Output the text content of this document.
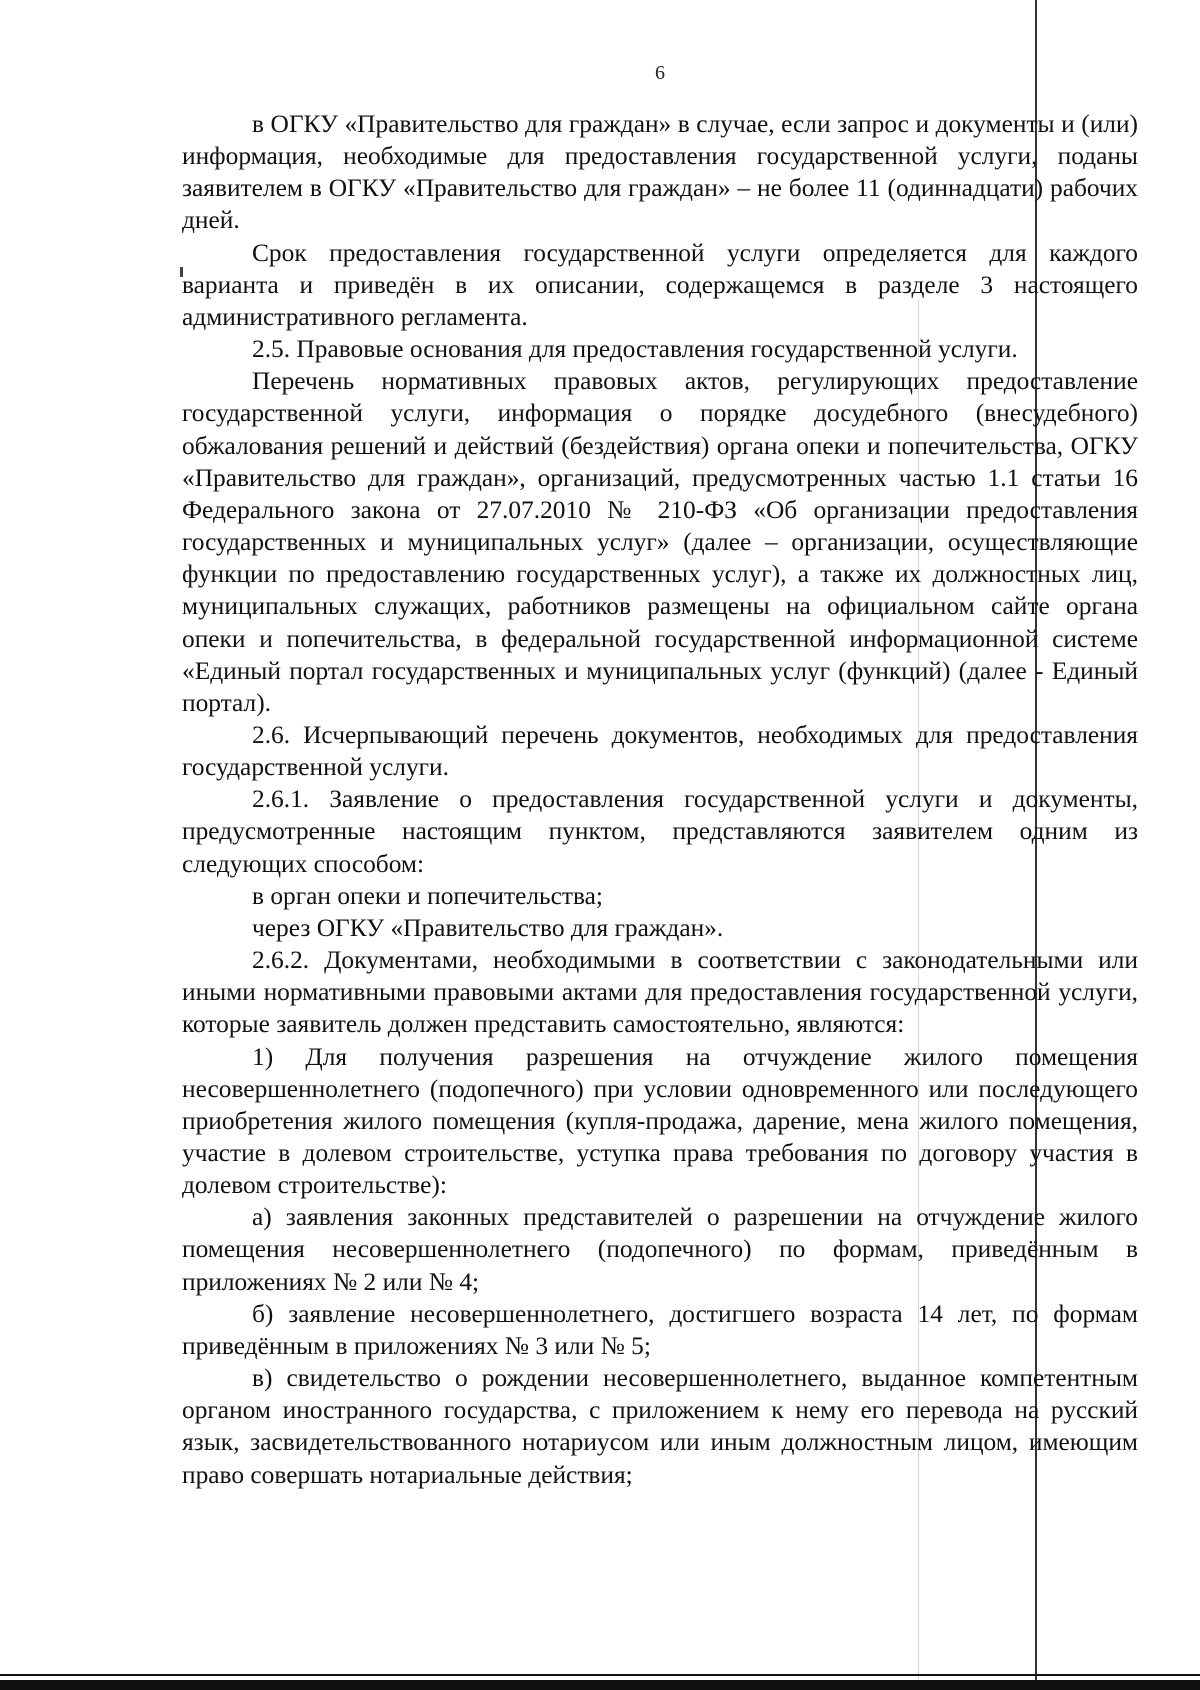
6

в ОГКУ «Правительство для граждан» в случае, если запрос и документы и (или) информация, необходимые для предоставления государственной услуги, поданы заявителем в ОГКУ «Правительство для граждан» – не более 11 (одиннадцати) рабочих дней.

Срок предоставления государственной услуги определяется для каждого варианта и приведён в их описании, содержащемся в разделе 3 настоящего административного регламента.

2.5. Правовые основания для предоставления государственной услуги.

Перечень нормативных правовых актов, регулирующих предоставление государственной услуги, информация о порядке досудебного (внесудебного) обжалования решений и действий (бездействия) органа опеки и попечительства, ОГКУ «Правительство для граждан», организаций, предусмотренных частью 1.1 статьи 16 Федерального закона от 27.07.2010 № 210-ФЗ «Об организации предоставления государственных и муниципальных услуг» (далее – организации, осуществляющие функции по предоставлению государственных услуг), а также их должностных лиц, муниципальных служащих, работников размещены на официальном сайте органа опеки и попечительства, в федеральной государственной информационной системе «Единый портал государственных и муниципальных услуг (функций) (далее - Единый портал).

2.6. Исчерпывающий перечень документов, необходимых для предоставления государственной услуги.

2.6.1. Заявление о предоставления государственной услуги и документы, предусмотренные настоящим пунктом, представляются заявителем одним из следующих способом:

в орган опеки и попечительства;

через ОГКУ «Правительство для граждан».

2.6.2. Документами, необходимыми в соответствии с законодательными или иными нормативными правовыми актами для предоставления государственной услуги, которые заявитель должен представить самостоятельно, являются:

1) Для получения разрешения на отчуждение жилого помещения несовершеннолетнего (подопечного) при условии одновременного или последующего приобретения жилого помещения (купля-продажа, дарение, мена жилого помещения, участие в долевом строительстве, уступка права требования по договору участия в долевом строительстве):

а) заявления законных представителей о разрешении на отчуждение жилого помещения несовершеннолетнего (подопечного) по формам, приведённым в приложениях № 2 или № 4;

б) заявление несовершеннолетнего, достигшего возраста 14 лет, по формам приведённым в приложениях № 3 или № 5;

в) свидетельство о рождении несовершеннолетнего, выданное компетентным органом иностранного государства, с приложением к нему его перевода на русский язык, засвидетельствованного нотариусом или иным должностным лицом, имеющим право совершать нотариальные действия;
